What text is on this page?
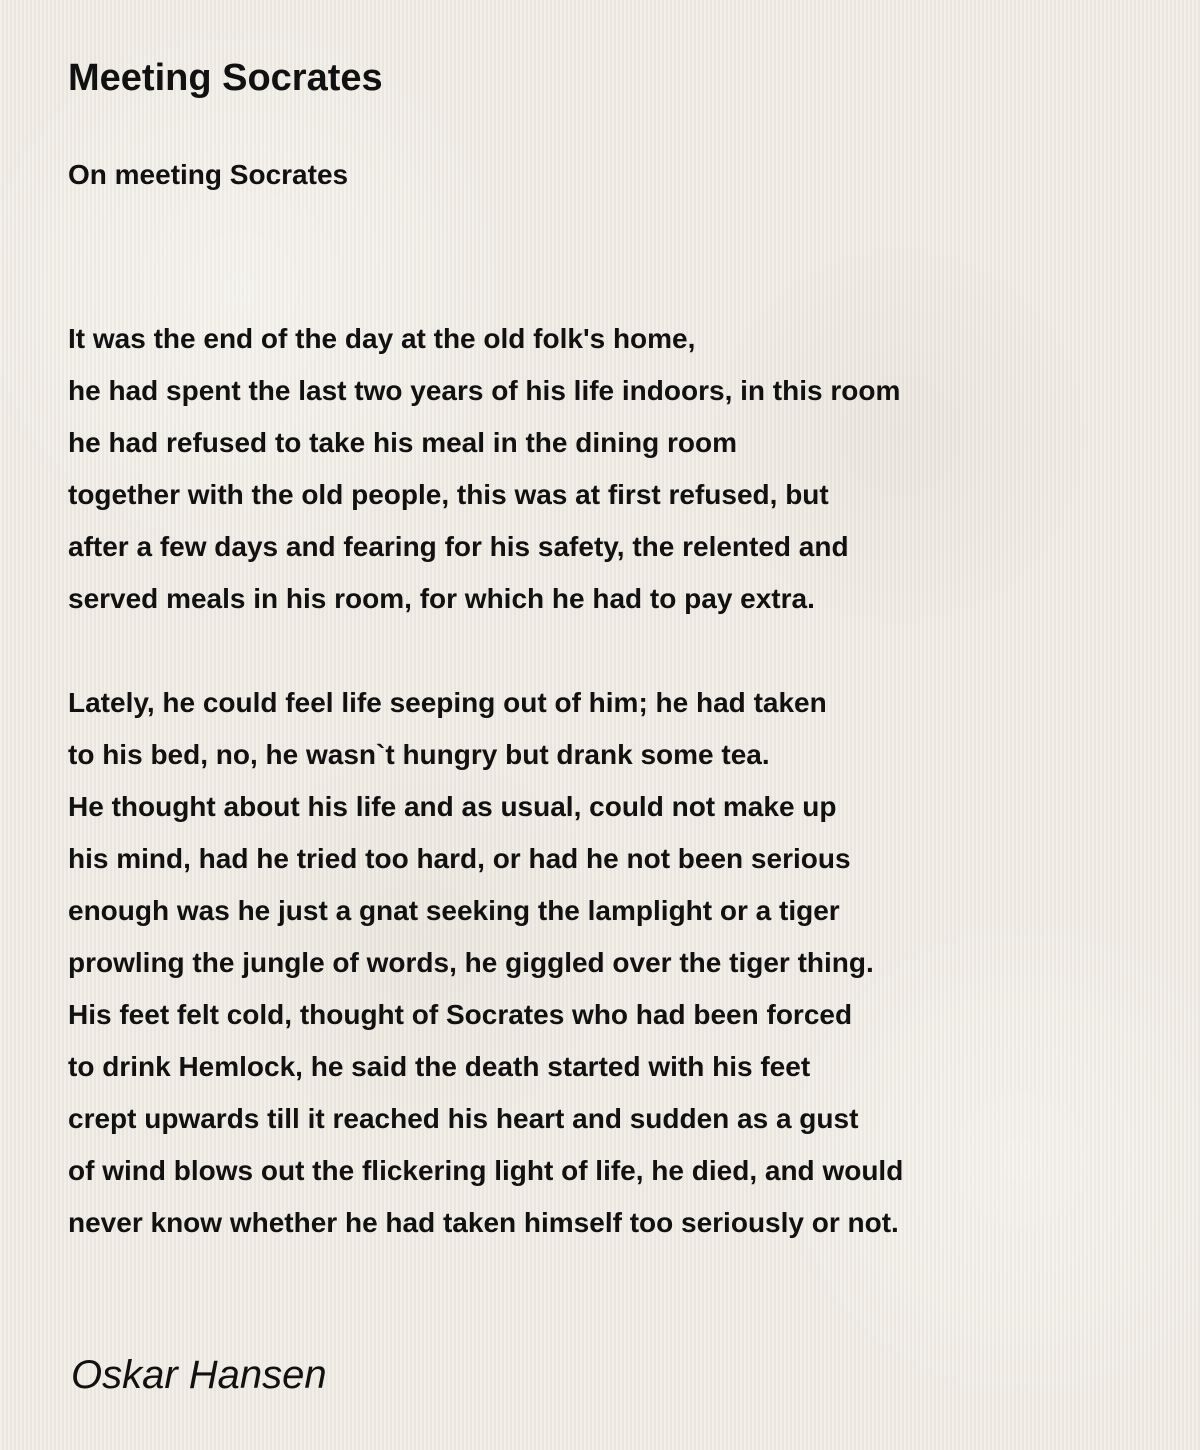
Meeting Socrates
On meeting Socrates
It was the end of the day at the old folk's home,
he had spent the last two years of his life indoors, in this room
he had refused to take his meal in the dining room
together with the old people, this was at first refused, but
after a few days and fearing for his safety, the relented and
served meals in his room, for which he had to pay extra.
Lately, he could feel life seeping out of him; he had taken
to his bed, no, he wasn`t hungry but drank some tea.
He thought about his life and as usual, could not make up
his mind, had he tried too hard, or had he not been serious
enough was he just a gnat seeking the lamplight or a tiger
prowling the jungle of words, he giggled over the tiger thing.
His feet felt cold, thought of Socrates who had been forced
to drink Hemlock, he said the death started with his feet
crept upwards till it reached his heart and sudden as a gust
of wind blows out the flickering light of life, he died, and would
never know whether he had taken himself too seriously or not.

Oskar Hansen
